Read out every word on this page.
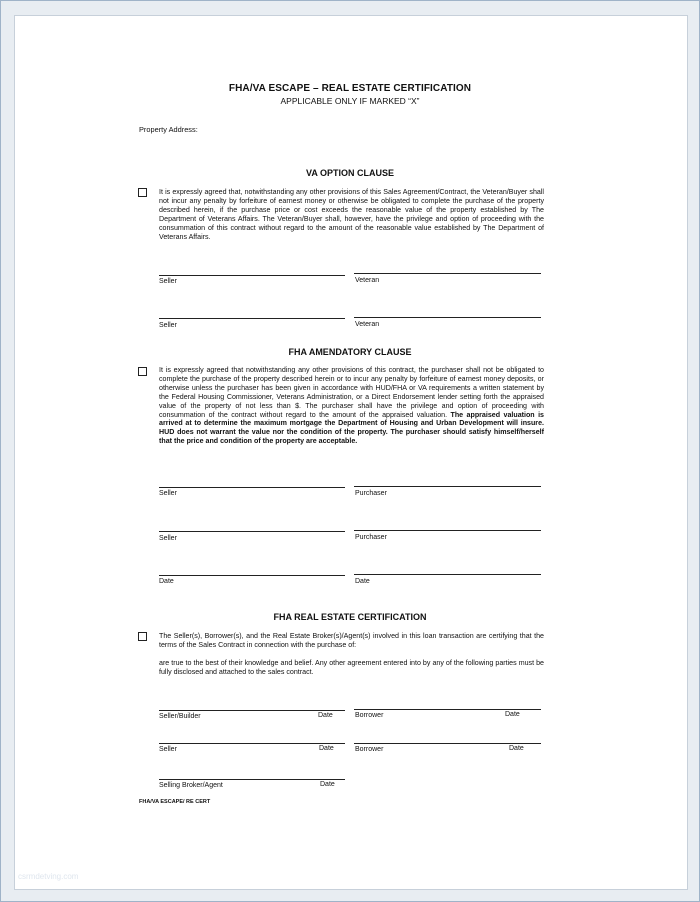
FHA/VA ESCAPE – REAL ESTATE CERTIFICATION
APPLICABLE ONLY IF MARKED “X”
Property Address:
VA OPTION CLAUSE
It is expressly agreed that, notwithstanding any other provisions of this Sales Agreement/Contract, the Veteran/Buyer shall not incur any penalty by forfeiture of earnest money or otherwise be obligated to complete the purchase of the property described herein, if the purchase price or cost exceeds the reasonable value of the property established by The Department of Veterans Affairs. The Veteran/Buyer shall, however, have the privilege and option of proceeding with the consummation of this contract without regard to the amount of the reasonable value established by The Department of Veterans Affairs.
Seller	Veteran
Seller	Veteran
FHA AMENDATORY CLAUSE
It is expressly agreed that notwithstanding any other provisions of this contract, the purchaser shall not be obligated to complete the purchase of the property described herein or to incur any penalty by forfeiture of earnest money deposits, or otherwise unless the purchaser has been given in accordance with HUD/FHA or VA requirements a written statement by the Federal Housing Commissioner, Veterans Administration, or a Direct Endorsement lender setting forth the appraised value of the property of not less than $. The purchaser shall have the privilege and option of proceeding with consummation of the contract without regard to the amount of the appraised valuation. The appraised valuation is arrived at to determine the maximum mortgage the Department of Housing and Urban Development will insure. HUD does not warrant the value nor the condition of the property. The purchaser should satisfy himself/herself that the price and condition of the property are acceptable.
Seller	Purchaser
Seller	Purchaser
Date	Date
FHA REAL ESTATE CERTIFICATION
The Seller(s), Borrower(s), and the Real Estate Broker(s)/Agent(s) involved in this loan transaction are certifying that the terms of the Sales Contract in connection with the purchase of:
are true to the best of their knowledge and belief. Any other agreement entered into by any of the following parties must be fully disclosed and attached to the sales contract.
Seller/Builder	Date	Borrower	Date
Seller	Date	Borrower	Date
Selling Broker/Agent	Date
FHA/VA ESCAPE/ RE CERT
csrmdetving.com
